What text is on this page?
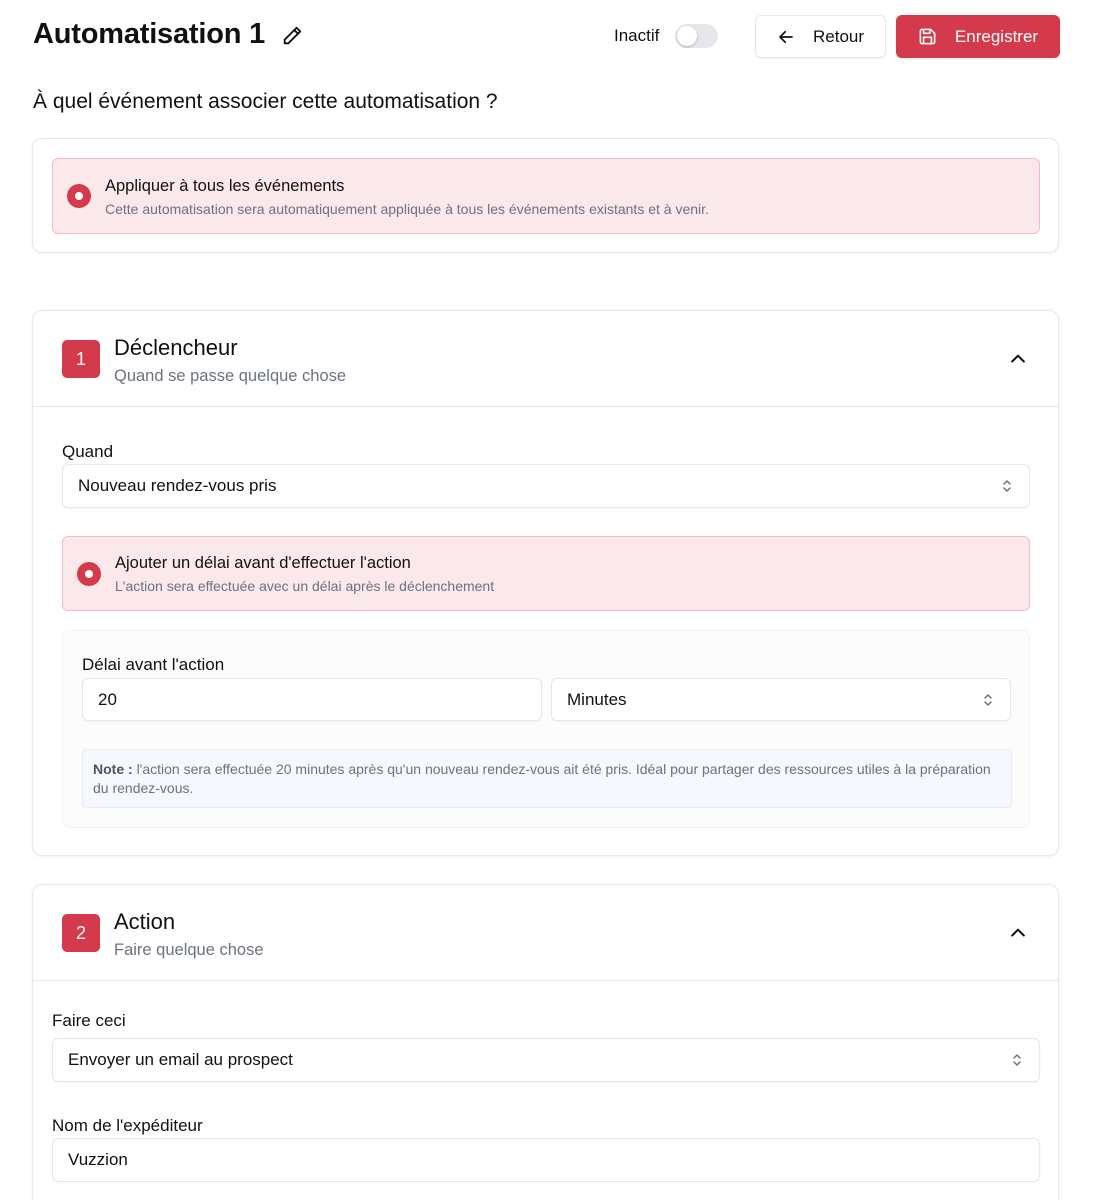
Automatisation 1	Inactif	Retour	Enregistrer
À quel événement associer cette automatisation ?
Appliquer à tous les événements
Cette automatisation sera automatiquement appliquée à tous les événements existants et à venir.
1	Déclencheur
Quand se passe quelque chose
Quand
Nouveau rendez-vous pris
Ajouter un délai avant d'effectuer l'action
L'action sera effectuée avec un délai après le déclenchement
Délai avant l'action
20	Minutes
Note : l'action sera effectuée 20 minutes après qu'un nouveau rendez-vous ait été pris. Idéal pour partager des ressources utiles à la préparation du rendez-vous.
2	Action
Faire quelque chose
Faire ceci
Envoyer un email au prospect
Nom de l'expéditeur
Vuzzion
